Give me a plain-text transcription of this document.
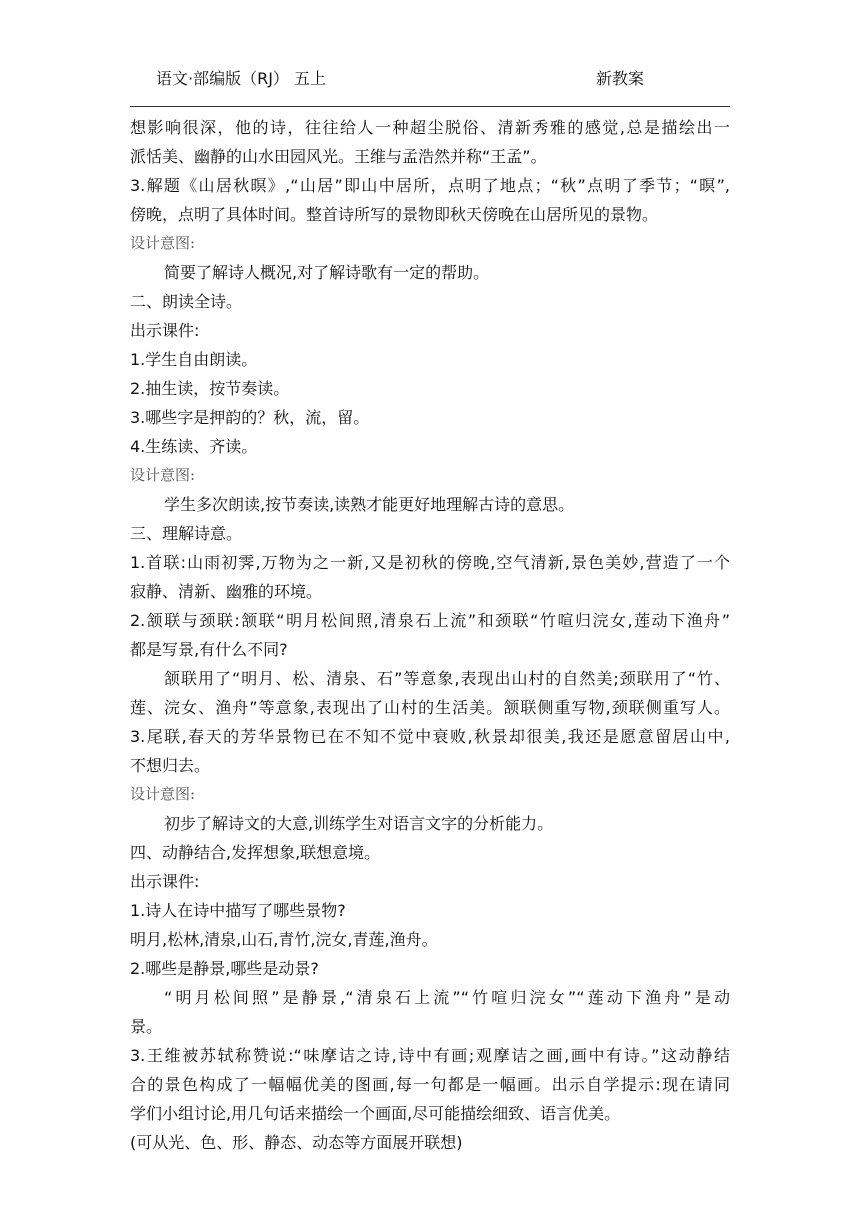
语文·部编版（RJ） 五上	新教案

想影响很深，他的诗，往往给人一种超尘脱俗、清新秀雅的感觉,总是描绘出一

派恬美、幽静的山水田园风光。王维与孟浩然并称“王孟”。

3.解题《山居秋暝》,“山居”即山中居所，点明了地点；“秋”点明了季节；“暝”,

傍晚，点明了具体时间。整首诗所写的景物即秋天傍晚在山居所见的景物。

设计意图:

简要了解诗人概况,对了解诗歌有一定的帮助。

二、朗读全诗。

出示课件:

1.学生自由朗读。

2.抽生读，按节奏读。

3.哪些字是押韵的？秋，流，留。

4.生练读、齐读。

设计意图:

学生多次朗读,按节奏读,读熟才能更好地理解古诗的意思。

三、理解诗意。

1.首联:山雨初霁,万物为之一新,又是初秋的傍晚,空气清新,景色美妙,营造了一个

寂静、清新、幽雅的环境。

2.颔联与颈联:颔联“明月松间照,清泉石上流”和颈联“竹喧归浣女,莲动下渔舟”

都是写景,有什么不同?

颔联用了“明月、松、清泉、石”等意象,表现出山村的自然美;颈联用了“竹、

莲、浣女、渔舟”等意象,表现出了山村的生活美。颔联侧重写物,颈联侧重写人。

3.尾联,春天的芳华景物已在不知不觉中衰败,秋景却很美,我还是愿意留居山中,

不想归去。

设计意图:

初步了解诗文的大意,训练学生对语言文字的分析能力。

四、动静结合,发挥想象,联想意境。

出示课件:

1.诗人在诗中描写了哪些景物?

明月,松林,清泉,山石,青竹,浣女,青莲,渔舟。

2.哪些是静景,哪些是动景?

“明月松间照”是静景,“清泉石上流”“竹喧归浣女”“莲动下渔舟”是动

景。

3.王维被苏轼称赞说:“味摩诘之诗,诗中有画;观摩诘之画,画中有诗。”这动静结

合的景色构成了一幅幅优美的图画,每一句都是一幅画。出示自学提示:现在请同

学们小组讨论,用几句话来描绘一个画面,尽可能描绘细致、语言优美。

(可从光、色、形、静态、动态等方面展开联想)
